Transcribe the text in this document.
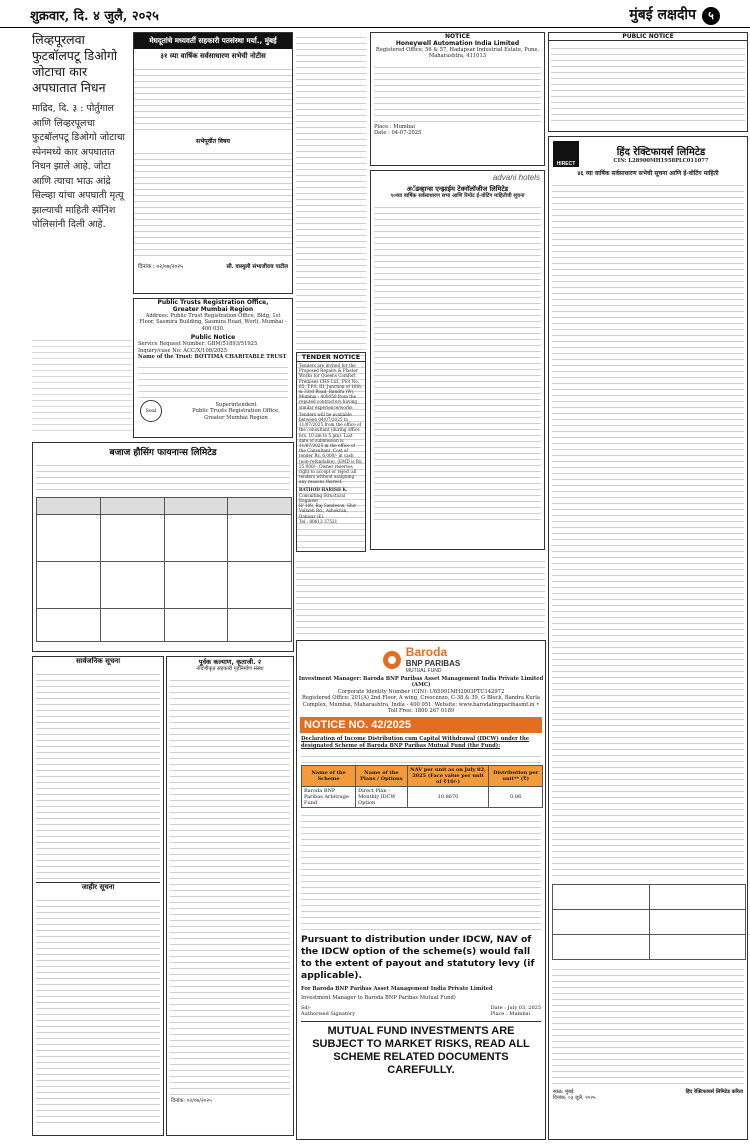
शुक्रवार, दि. ४ जुलै, २०२५	मुंबई लक्षदीप ५
लिव्हपूरलवा फुटबॉलपटू डिओगो जोटाचा कार अपघातात निधन
माद्रिद, दि. ३ : पोर्तुगाल आणि लिव्हरपूलचा फुटबॉलपटू डिओगो जोटाचा स्पेनमध्ये कार अपघातात निधन झाले आहे. जोटा आणि त्याचा भाऊ आंद्रे सिल्व्हा यांचा अपघाती मृत्यू झाल्याची माहिती स्पॅनिश पोलिसांनी दिली आहे.
मेघदूतांचे मध्यवर्ती सहकारी पतसंस्था मर्या., मुंबई
३१ व्या वार्षिक सर्वसाधारण सभेची नोटीस
सभेपूर्वीत विषय
दिनांक : ०२/०७/२०२५	सौ. वास्युली संभाजीराव पाटील
Public Trusts Registration Office,
Greater Mumbai Region
Address: Public Trust Registration Office, Bldg, 1st Floor, Sasmira Building, Sasmira Road, Worli, Mumbai - 400 030.
Public Notice
Service Request Number: GBM/51893/51925
Inquiry/case No: ACC/X/108/2025
Name of the Trust: BOTTIMA CHARITABLE TRUST
Seal
Superintendent
Public Trusts Registration Office,
Greater Mumbai Region
NOTICE
Honeywell Automation India Limited
Registered Office: 56 & 57, Hadapsar Industrial Estate, Pune, Maharashtra, 411013
Place : Mumbai
Date : 04-07-2025
advani hotels
अॅडव्हान्स एन्झाईम टेक्नॉलॉजीज लिमिटेड
९०व्या वार्षिक सर्वसाधारण सभा आणि रिमोट ई-वोटिंग माहितीची सूचना
TENDER NOTICE
Tenders are invited for the Proposed Repairs & Plaster Works for Queens Comfort Premises CHS Ltd., Plot No. 65, T.P.S. III, Junction of 16th & 33rd Road, Bandra (W), Mumbai - 400050 from the reputed contractors having similar experience/works
Tenders will be available between 04/07/2025 to 11/07/2025 from the office of the consultant (during office hrs. 10 am to 5 pm). Last date of submission is 11/07/2025 in the office of the Consultant. Cost of tender Rs. 6,000/- in cash (non-refundable). (EMD is Rs. 25,000/-. Owner reserves right to accept or reject all tenders without assigning any reasons thereof.
RATHOD HARISH K.
Consulting Structural Engineer
B/ 108, Raj Sandeson, Shiv Vallabh Rd., Ashokvan, Dahisar (E).
Tel : 80613 37521
PUBLIC NOTICE
HIRECT
हिंद रेक्टिफायर्स लिमिटेड
CIN: L28900MH1958PLC011077
४६ व्या वार्षिक सर्वसाधारण सभेची सूचना आणि ई-वोटिंग माहिती

स्थळ: मुंबई
दिनांक: ०३ जुलै, २०२५
हिंद रेक्टिफायर्स लिमिटेड करिता
बजाज हौसिंग फायनान्स लिमिटेड

सार्वजनिक सूचना
जाहीर सूचना
पूर्वक कल्याण, कृताजी. २
नोंदणीकृत सहकारी गृहनिर्माण संस्था
दिनांक: ०२/०७/२०२५
Baroda
BNP PARIBAS
MUTUAL FUND
Investment Manager: Baroda BNP Paribas Asset Management India Private Limited (AMC)
Corporate Identity Number (CIN): U65991MH2003PTC142972
Registered Office: 201(A) 2nd Floor, A wing, Crescenzo, C-38 & 39, G Block, Bandra Kurla Complex, Mumbai, Maharashtra, India - 400 051. Website: www.barodabnpparibasmf.in • Toll Free: 1800 267 0189
NOTICE NO. 42/2025
Declaration of Income Distribution cum Capital Withdrawal (IDCW) under the designated Scheme of Baroda BNP Paribas Mutual Fund (the Fund):
Name of the Scheme	Name of the Plans / Options	NAV per unit as on July 02, 2025 (Face value per unit of ₹10/-)	Distribution per unit** (₹)
Baroda BNP Paribas Arbitrage Fund	Direct Plan - Monthly IDCW Option	10.8670	0.06
Pursuant to distribution under IDCW, NAV of the IDCW option of the scheme(s) would fall to the extent of payout and statutory levy (if applicable).
For Baroda BNP Paribas Asset Management India Private Limited
Investment Manager to Baroda BNP Paribas Mutual Fund)
Sd/-
Authorised Signatory
Date : July 03, 2025
Place : Mumbai
MUTUAL FUND INVESTMENTS ARE SUBJECT TO MARKET RISKS, READ ALL SCHEME RELATED DOCUMENTS CAREFULLY.
